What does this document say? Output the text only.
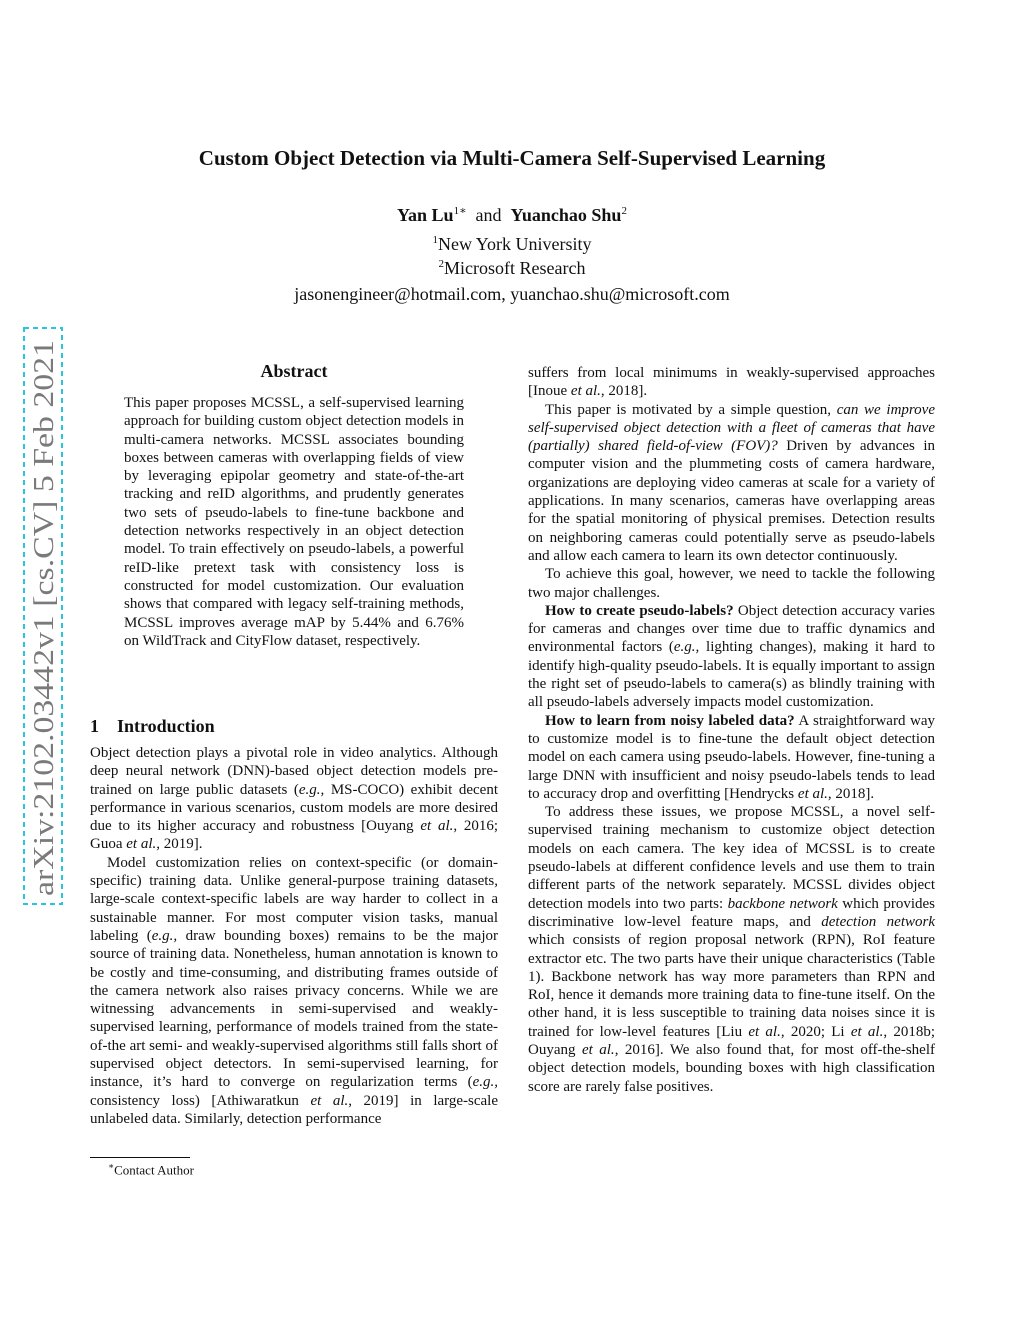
arXiv:2102.03442v1 [cs.CV] 5 Feb 2021
Custom Object Detection via Multi-Camera Self-Supervised Learning
Yan $Lu^{1∗}$ and Yuanchao Shu$^2$
$^1$New York University
$^2$Microsoft Research
jasonengineer@hotmail.com, yuanchao.shu@microsoft.com
Abstract
This paper proposes MCSSL, a self-supervised learning approach for building custom object detection models in multi-camera networks. MCSSL associates bounding boxes between cameras with overlapping fields of view by leveraging epipolar geometry and state-of-the-art tracking and reID algorithms, and prudently generates two sets of pseudo-labels to fine-tune backbone and detection networks respectively in an object detection model. To train effectively on pseudo-labels, a powerful reID-like pretext task with consistency loss is constructed for model customization. Our evaluation shows that compared with legacy self-training methods, MCSSL improves average mAP by 5.44% and 6.76% on WildTrack and CityFlow dataset, respectively.
1 Introduction

Object detection plays a pivotal role in video analytics. Although deep neural network (DNN)-based object detection models pre-trained on large public datasets (e.g., MS-COCO) exhibit decent performance in various scenarios, custom models are more desired due to its higher accuracy and robustness [Ouyang et al., 2016; Guoa et al., 2019].

Model customization relies on context-specific (or domain-specific) training data. Unlike general-purpose training datasets, large-scale context-specific labels are way harder to collect in a sustainable manner. For most computer vision tasks, manual labeling (e.g., draw bounding boxes) remains to be the major source of training data. Nonetheless, human annotation is known to be costly and time-consuming, and distributing frames outside of the camera network also raises privacy concerns. While we are witnessing advancements in semi-supervised and weakly-supervised learning, performance of models trained from the state-of-the art semi- and weakly-supervised algorithms still falls short of supervised object detectors. In semi-supervised learning, for instance, it’s hard to converge on regularization terms (e.g., consistency loss) [Athiwaratkun et al., 2019] in large-scale unlabeled data. Similarly, detection performance

suffers from local minimums in weakly-supervised approaches [Inoue et al., 2018].

This paper is motivated by a simple question, can we improve self-supervised object detection with a fleet of cameras that have (partially) shared field-of-view (FOV)? Driven by advances in computer vision and the plummeting costs of camera hardware, organizations are deploying video cameras at scale for a variety of applications. In many scenarios, cameras have overlapping areas for the spatial monitoring of physical premises. Detection results on neighboring cameras could potentially serve as pseudo-labels and allow each camera to learn its own detector continuously.

To achieve this goal, however, we need to tackle the following two major challenges.

How to create pseudo-labels? Object detection accuracy varies for cameras and changes over time due to traffic dynamics and environmental factors (e.g., lighting changes), making it hard to identify high-quality pseudo-labels. It is equally important to assign the right set of pseudo-labels to camera(s) as blindly training with all pseudo-labels adversely impacts model customization.

How to learn from noisy labeled data? A straightforward way to customize model is to fine-tune the default object detection model on each camera using pseudo-labels. However, fine-tuning a large DNN with insufficient and noisy pseudo-labels tends to lead to accuracy drop and overfitting [Hendrycks et al., 2018].

To address these issues, we propose MCSSL, a novel self-supervised training mechanism to customize object detection models on each camera. The key idea of MCSSL is to create pseudo-labels at different confidence levels and use them to train different parts of the network separately. MCSSL divides object detection models into two parts: backbone network which provides discriminative low-level feature maps, and detection network which consists of region proposal network (RPN), RoI feature extractor etc. The two parts have their unique characteristics (Table 1). Backbone network has way more parameters than RPN and RoI, hence it demands more training data to fine-tune itself. On the other hand, it is less susceptible to training data noises since it is trained for low-level features [Liu et al., 2020; Li et al., 2018b; Ouyang et al., 2016]. We also found that, for most off-the-shelf object detection models, bounding boxes with high classification score are rarely false positives.

∗Contact Author
